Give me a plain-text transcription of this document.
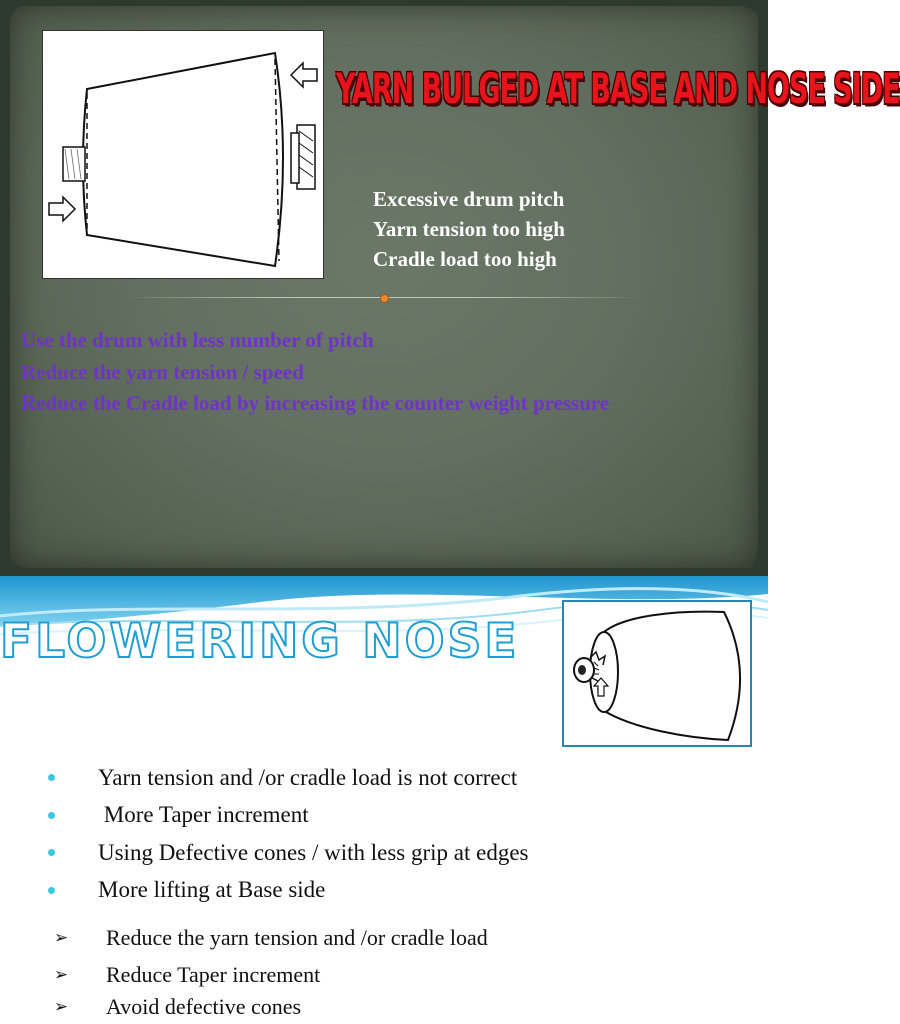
YARN BULGED AT BASE AND NOSE SIDE
Excessive drum pitch
Yarn tension too high
Cradle load too high
Use the drum with less number of pitch
Reduce the yarn tension / speed
Reduce the Cradle load by increasing the counter weight pressure
FLOWERING NOSE
Yarn tension and /or cradle load is not correct
More Taper increment
Using Defective cones / with less grip at edges
More lifting at Base side
➢	Reduce the yarn tension and /or cradle load
➢	Reduce Taper increment
➢	Avoid defective cones
